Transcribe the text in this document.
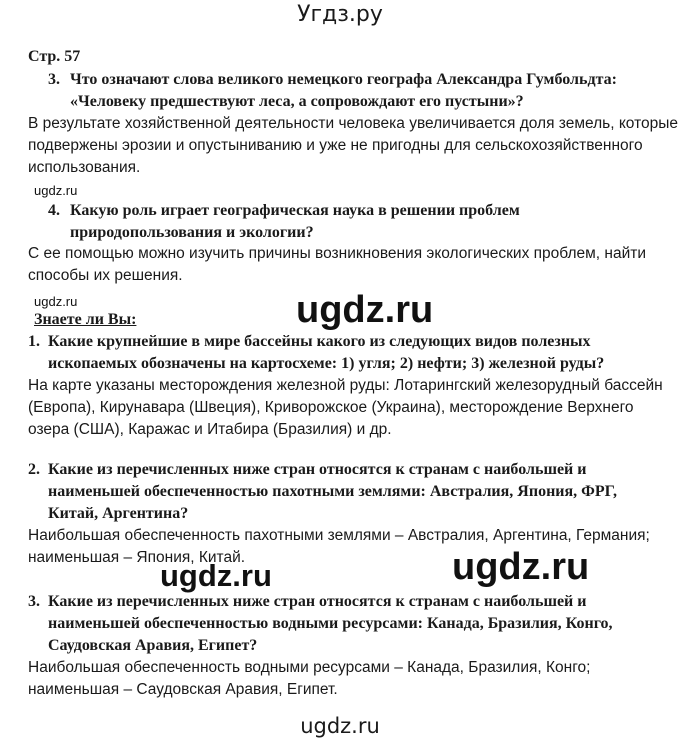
Угдз.ру
Стр. 57
3. Что означают слова великого немецкого географа Александра Гумбольдта:
«Человеку предшествуют леса, а сопровождают его пустыни»?
В результате хозяйственной деятельности человека увеличивается доля земель, которые
подвержены эрозии и опустыниванию и уже не пригодны для сельскохозяйственного
использования.
ugdz.ru
4. Какую роль играет географическая наука в решении проблем
природопользования и экологии?
С ее помощью можно изучить причины возникновения экологических проблем, найти
способы их решения.
ugdz.ru	ugdz.ru
Знаете ли Вы:
1. Какие крупнейшие в мире бассейны какого из следующих видов полезных
ископаемых обозначены на картосхеме: 1) угля; 2) нефти; 3) железной руды?
На карте указаны месторождения железной руды: Лотарингский железорудный бассейн
(Европа), Кирунавара (Швеция), Криворожское (Украина), месторождение Верхнего
озера (США), Каражас и Итабира (Бразилия) и др.
2. Какие из перечисленных ниже стран относятся к странам с наибольшей и
наименьшей обеспеченностью пахотными землями: Австралия, Япония, ФРГ,
Китай, Аргентина?
Наибольшая обеспеченность пахотными землями – Австралия, Аргентина, Германия;
наименьшая – Япония, Китай.
ugdz.ru	ugdz.ru
3. Какие из перечисленных ниже стран относятся к странам с наибольшей и
наименьшей обеспеченностью водными ресурсами: Канада, Бразилия, Конго,
Саудовская Аравия, Египет?
Наибольшая обеспеченность водными ресурсами – Канада, Бразилия, Конго;
наименьшая – Саудовская Аравия, Египет.
ugdz.ru
